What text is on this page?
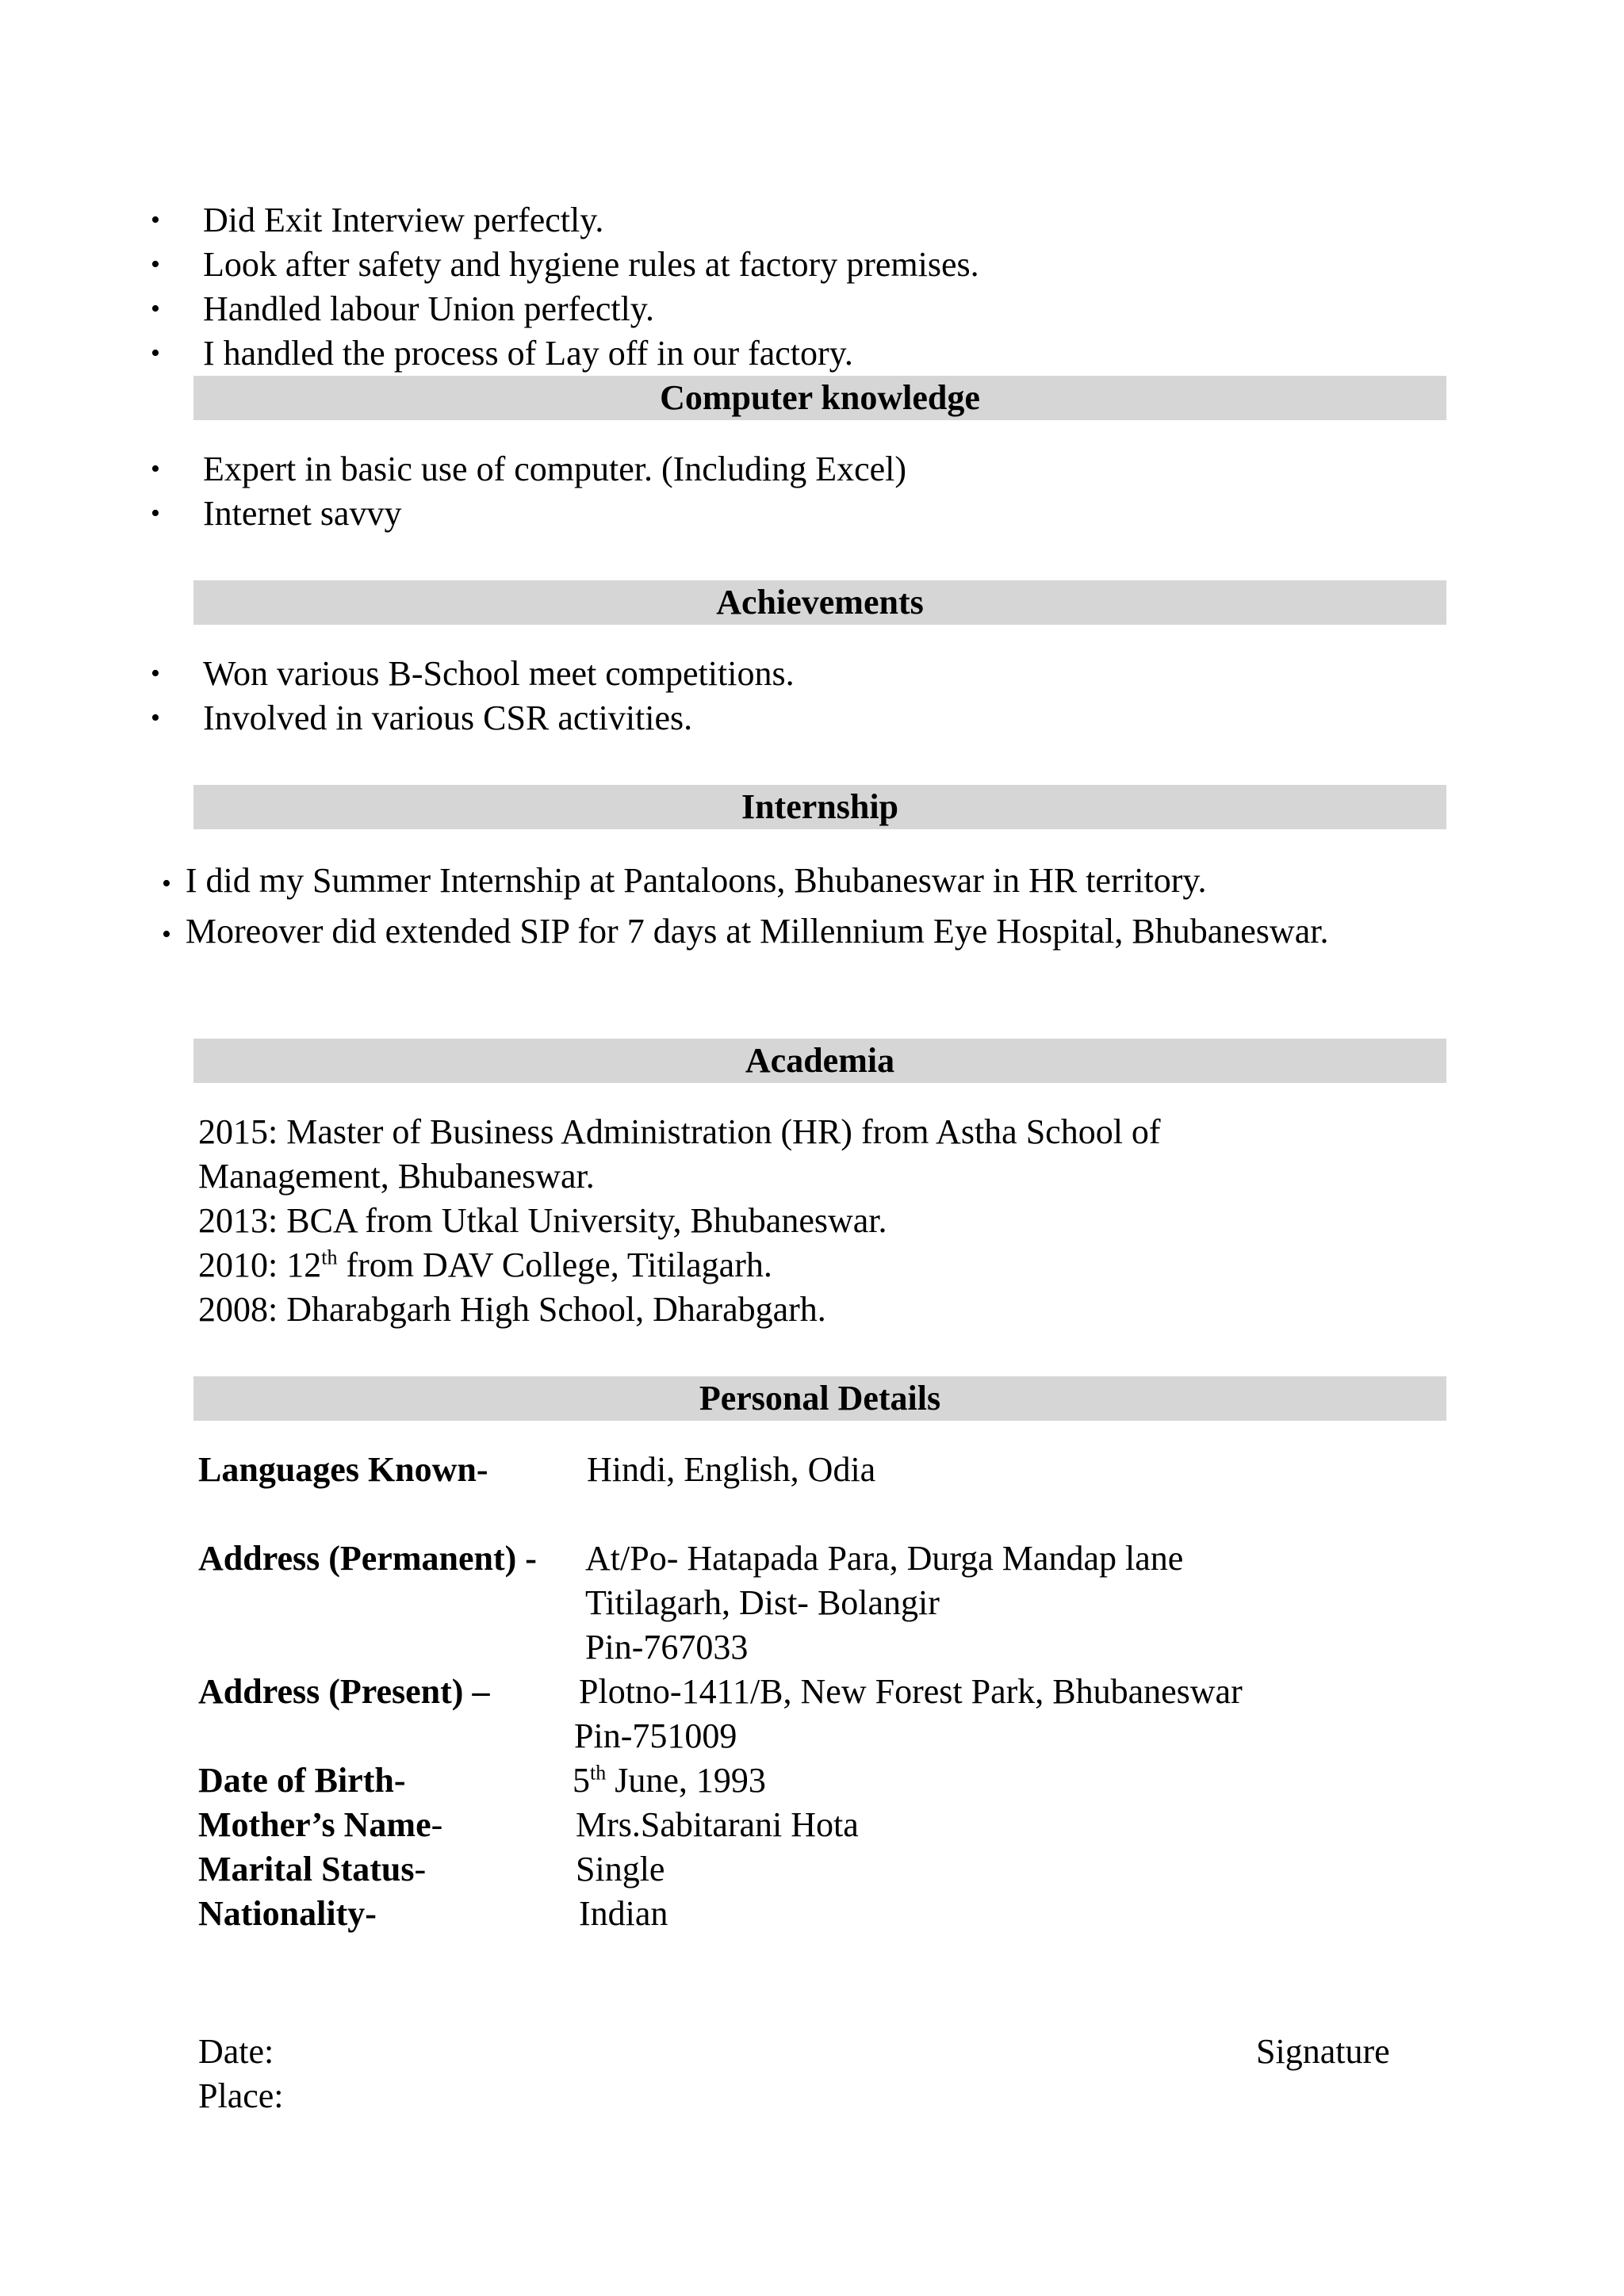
• Did Exit Interview perfectly.
• Look after safety and hygiene rules at factory premises.
• Handled labour Union perfectly.
• I handled the process of Lay off in our factory.
Computer knowledge
• Expert in basic use of computer. (Including Excel)
• Internet savvy
Achievements
• Won various B-School meet competitions.
• Involved in various CSR activities.
Internship

• I did my Summer Internship at Pantaloons, Bhubaneswar in HR territory.

• Moreover did extended SIP for 7 days at Millennium Eye Hospital, Bhubaneswar.

Academia
2015: Master of Business Administration (HR) from Astha School of
Management, Bhubaneswar.
2013: BCA from Utkal University, Bhubaneswar.
2010: 12th from DAV College, Titilagarh.
2008: Dharabgarh High School, Dharabgarh.
Personal Details
Languages Known-	Hindi, English, Odia
Address (Permanent) - At/Po- Hatapada Para, Durga Mandap lane
Titilagarh, Dist- Bolangir
Pin-767033
Address (Present) –	Plotno-1411/B, New Forest Park, Bhubaneswar
Pin-751009
Date of Birth-	5th June, 1993
Mother’s Name-	Mrs.Sabitarani Hota
Marital Status-	Single
Nationality-	Indian
Date:
Place:
Signature
